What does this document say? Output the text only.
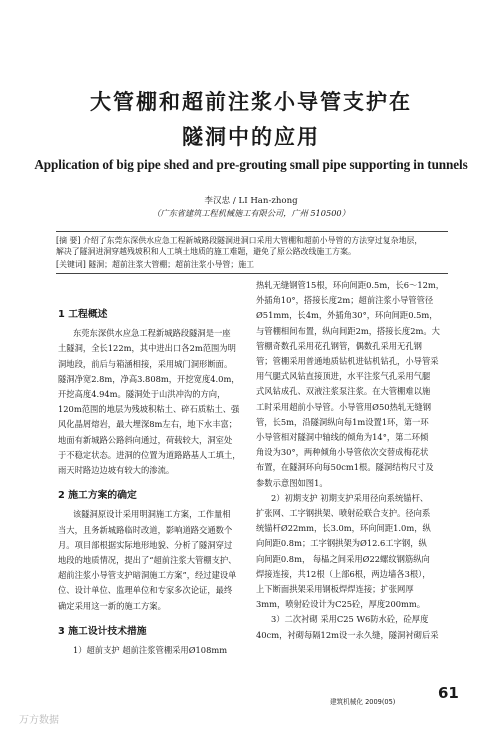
大管棚和超前注浆小导管支护在
隧洞中的应用
Application of big pipe shed and pre-grouting small pipe supporting in tunnels
李汉忠 / LI Han-zhong
（广东省建筑工程机械施工有限公司，广州 510500）
[摘 要] 介绍了东莞东深供水应急工程新城路段隧洞进洞口采用大管棚和超前小导管的方法穿过复杂地层，
解决了隧洞进洞穿越残坡积和人工填土地质的施工难题，避免了原公路改线施工方案。
[关键词] 隧洞；超前注浆大管棚；超前注浆小导管；施工
1 工程概述

东莞东深供水应急工程新城路段隧洞是一座

土隧洞，全长122m，其中进出口各2m范围为明

洞地段，前后与箱涵相接，采用城门洞形断面。

隧洞净宽2.8m，净高3.808m，开挖宽度4.0m，

开挖高度4.94m。隧洞处于山洪冲沟的方向，

120m范围的地层为残坡积粘土、碎石质粘土、强

风化晶屑熔岩，最大埋深8m左右，地下水丰富；

地面有新城路公路斜向通过，荷载较大，洞室处

于不稳定状态。进洞的位置为道路路基人工填土，

雨天时路边边坡有较大的渗流。

2 施工方案的确定

该隧洞原设计采用明洞施工方案，工作量相

当大，且务新城路临时改道，影响道路交通数个

月。项目部根据实际地形地貌、分析了隧洞穿过

地段的地质情况，提出了“超前注浆大管棚支护、

超前注浆小导管支护暗洞施工方案”，经过建设单

位、设计单位、监理单位和专家多次论证，最终

确定采用这一新的施工方案。

3 施工设计技术措施

1）超前支护 超前注浆管棚采用Ø108mm

热轧无缝钢管15根，环向间距0.5m，长6～12m，

外插角10°，搭接长度2m；超前注浆小导管管径

Ø51mm，长4m，外插角30°，环向间距0.5m，

与管棚相间布置，纵向间距2m，搭接长度2m。大

管棚奇数孔采用花孔钢管，偶数孔采用无孔钢

管；管棚采用普通地质钻机进钻机钻孔，小导管采

用气腿式风钻直接顶进，水平注浆气孔采用气腿

式风钻成孔、双液注浆泵注浆。在大管棚难以施

工时采用超前小导管。小导管用Ø50热轧无缝钢

管，长5m，沿隧洞纵向每1m设置1环，第一环

小导管相对隧洞中轴线的倾角为14°，第二环倾

角设为30°，两种倾角小导管依次交替成梅花状

布置，在隧洞环向每50cm1根。隧洞结构尺寸及

参数示意图如图1。

2）初期支护 初期支护采用径向系统锚杆、

扩张网、工字钢拱架、喷射砼联合支护。径向系

统锚杆Ø22mm，长3.0m，环向间距1.0m，纵

向间距0.8m；工字钢拱架为Ø12.6工字钢，纵

向间距0.8m， 每榀之间采用Ø22螺纹钢筋纵向

焊接连接，共12根（上部6根，两边墙各3根），

上下断面拱架采用钢板焊焊连接；扩张网厚

3mm，喷射砼设计为C25砼，厚度200mm。

3）二次衬砌 采用C25 W6防水砼，砼厚度

40cm，衬砌每隔12m设一永久缝，隧洞衬砌后采

建筑机械化 2009(05)	61
万方数据
